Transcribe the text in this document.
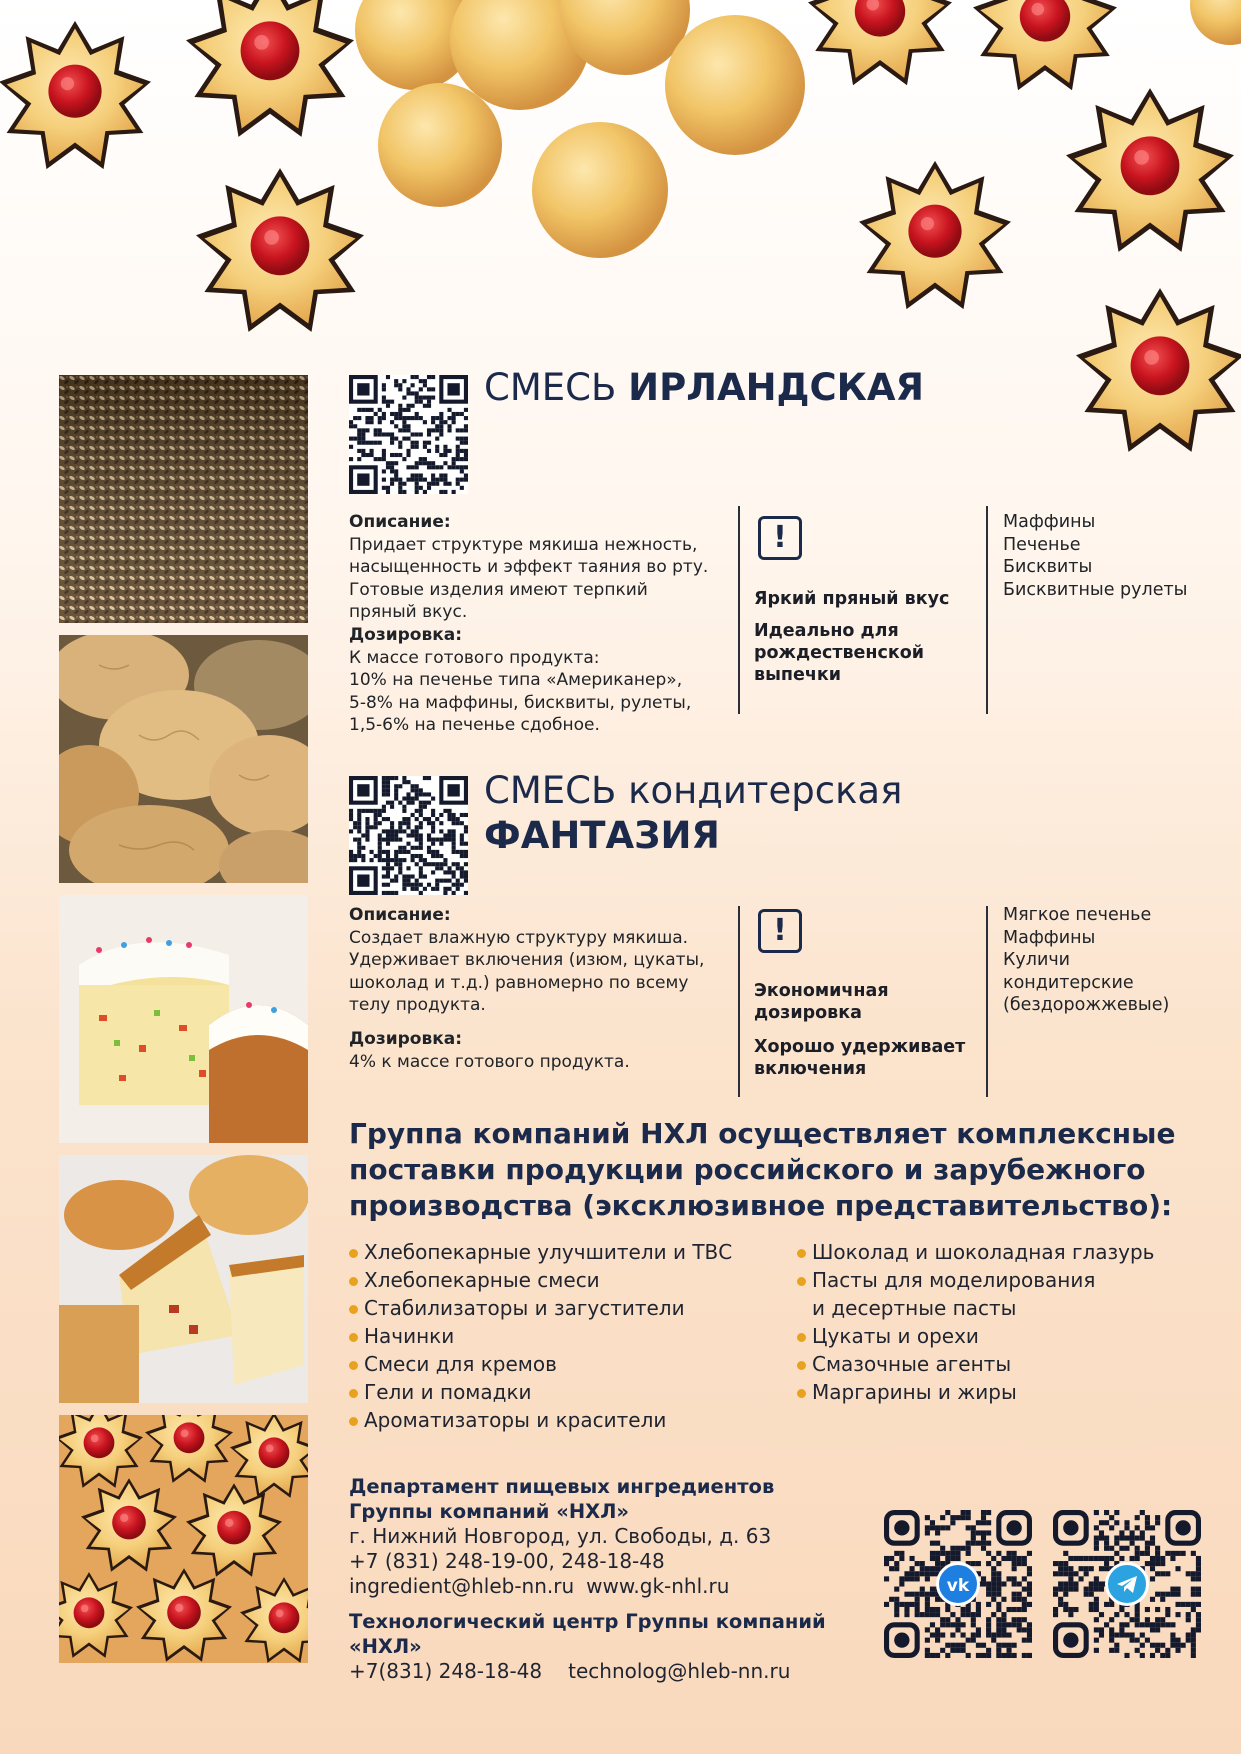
СМЕСЬ ИРЛАНДСКАЯ
Описание:
Придает структуре мякиша нежность,
насыщенность и эффект таяния во рту.
Готовые изделия имеют терпкий
пряный вкус.
Дозировка:
К массе готового продукта:
10% на печенье типа «Американер»,
5-8% на маффины, бисквиты, рулеты,
1,5-6% на печенье сдобное.
!
Яркий пряный вкус
Идеально для
рождественской
выпечки
Маффины
Печенье
Бисквиты
Бисквитные рулеты
СМЕСЬ кондитерская
ФАНТАЗИЯ
Описание:
Создает влажную структуру мякиша.
Удерживает включения (изюм, цукаты,
шоколад и т.д.) равномерно по всему
телу продукта.
Дозировка:
4% к массе готового продукта.
!
Экономичная
дозировка
Хорошо удерживает
включения
Мягкое печенье
Маффины
Куличи
кондитерские
(бездорожжевые)
Группа компаний НХЛ осуществляет комплексные
поставки продукции российского и зарубежного
производства (эксклюзивное представительство):
Хлебопекарные улучшители и ТВС
Хлебопекарные смеси
Стабилизаторы и загустители
Начинки
Смеси для кремов
Гели и помадки
Ароматизаторы и красители
Шоколад и шоколадная глазурь
Пасты для моделирования
и десертные пасты
Цукаты и орехи
Смазочные агенты
Маргарины и жиры
Департамент пищевых ингредиентов
Группы компаний «НХЛ»
г. Нижний Новгород, ул. Свободы, д. 63
+7 (831) 248-19-00, 248-18-48
ingredient@hleb-nn.ru www.gk-nhl.ru
Технологический центр Группы компаний «НХЛ»
+7(831) 248-18-48 technolog@hleb-nn.ru
vk
